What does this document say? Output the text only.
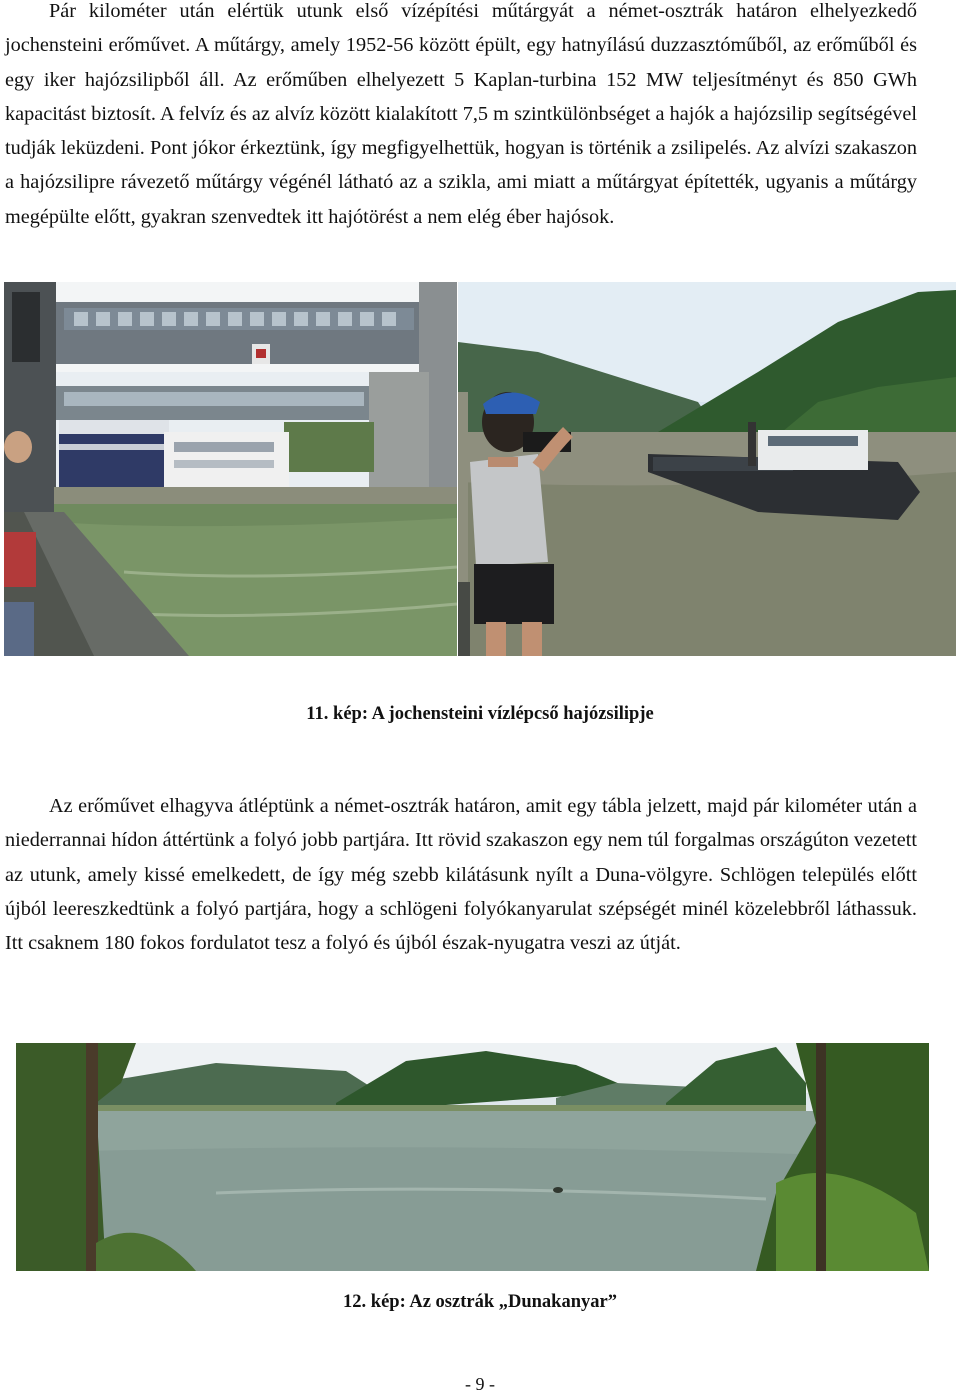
Pár kilométer után elértük utunk első vízépítési műtárgyát a német-osztrák határon elhelyezkedő jochensteini erőművet. A műtárgy, amely 1952-56 között épült, egy hatnyílású duzzasztóműből, az erőműből és egy iker hajózsilipből áll. Az erőműben elhelyezett 5 Kaplan-turbina 152 MW teljesítményt és 850 GWh kapacitást biztosít. A felvíz és az alvíz között kialakított 7,5 m szintkülönbséget a hajók a hajózsilip segítségével tudják leküzdeni. Pont jókor érkeztünk, így megfigyelhettük, hogyan is történik a zsilipelés. Az alvízi szakaszon a hajózsilipre rávezető műtárgy végénél látható az a szikla, ami miatt a műtárgyat építették, ugyanis a műtárgy megépülte előtt, gyakran szenvedtek itt hajótörést a nem elég éber hajósok.

11. kép: A jochensteini vízlépcső hajózsilipje

Az erőművet elhagyva átléptünk a német-osztrák határon, amit egy tábla jelzett, majd pár kilométer után a niederrannai hídon áttértünk a folyó jobb partjára. Itt rövid szakaszon egy nem túl forgalmas országúton vezetett az utunk, amely kissé emelkedett, de így még szebb kilátásunk nyílt a Duna-völgyre. Schlögen település előtt újból leereszkedtünk a folyó partjára, hogy a schlögeni folyókanyarulat szépségét minél közelebbről láthassuk. Itt csaknem 180 fokos fordulatot tesz a folyó és újból észak-nyugatra veszi az útját.

12. kép: Az osztrák „Dunakanyar”

- 9 -
